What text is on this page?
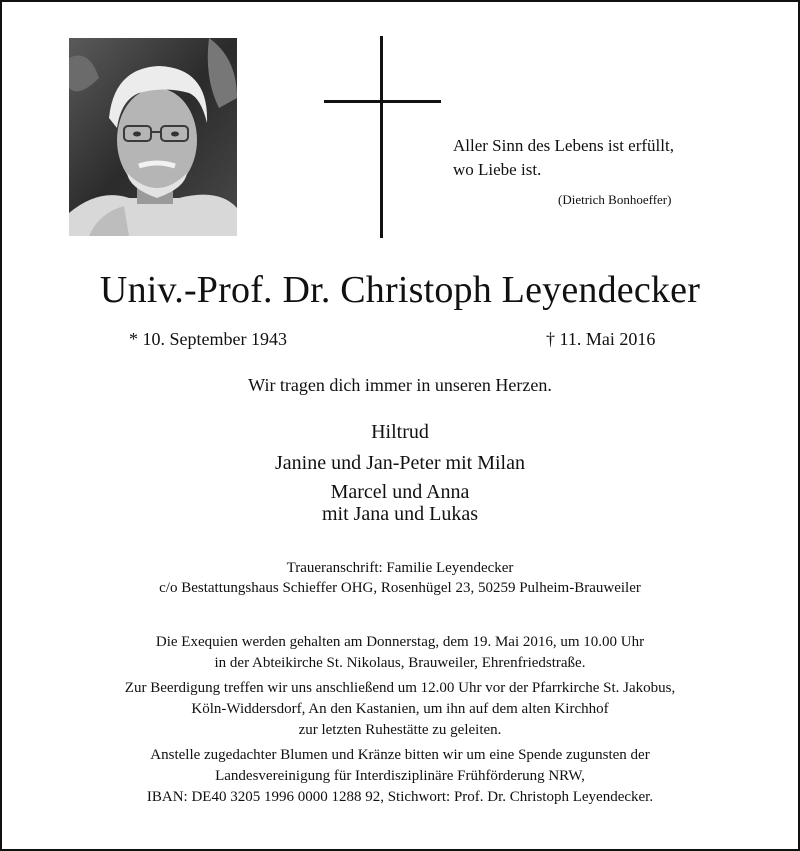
Aller Sinn des Lebens ist erfüllt,
wo Liebe ist.
(Dietrich Bonhoeffer)
Univ.-Prof. Dr. Christoph Leyendecker
* 10. September 1943	† 11. Mai 2016
Wir tragen dich immer in unseren Herzen.
Hiltrud
Janine und Jan-Peter mit Milan
Marcel und Anna
mit Jana und Lukas
Traueranschrift: Familie Leyendecker
c/o Bestattungshaus Schieffer OHG, Rosenhügel 23, 50259 Pulheim-Brauweiler
Die Exequien werden gehalten am Donnerstag, dem 19. Mai 2016, um 10.00 Uhr
in der Abteikirche St. Nikolaus, Brauweiler, Ehrenfriedstraße.
Zur Beerdigung treffen wir uns anschließend um 12.00 Uhr vor der Pfarrkirche St. Jakobus,
Köln-Widdersdorf, An den Kastanien, um ihn auf dem alten Kirchhof
zur letzten Ruhestätte zu geleiten.
Anstelle zugedachter Blumen und Kränze bitten wir um eine Spende zugunsten der
Landesvereinigung für Interdisziplinäre Frühförderung NRW,
IBAN: DE40 3205 1996 0000 1288 92, Stichwort: Prof. Dr. Christoph Leyendecker.
